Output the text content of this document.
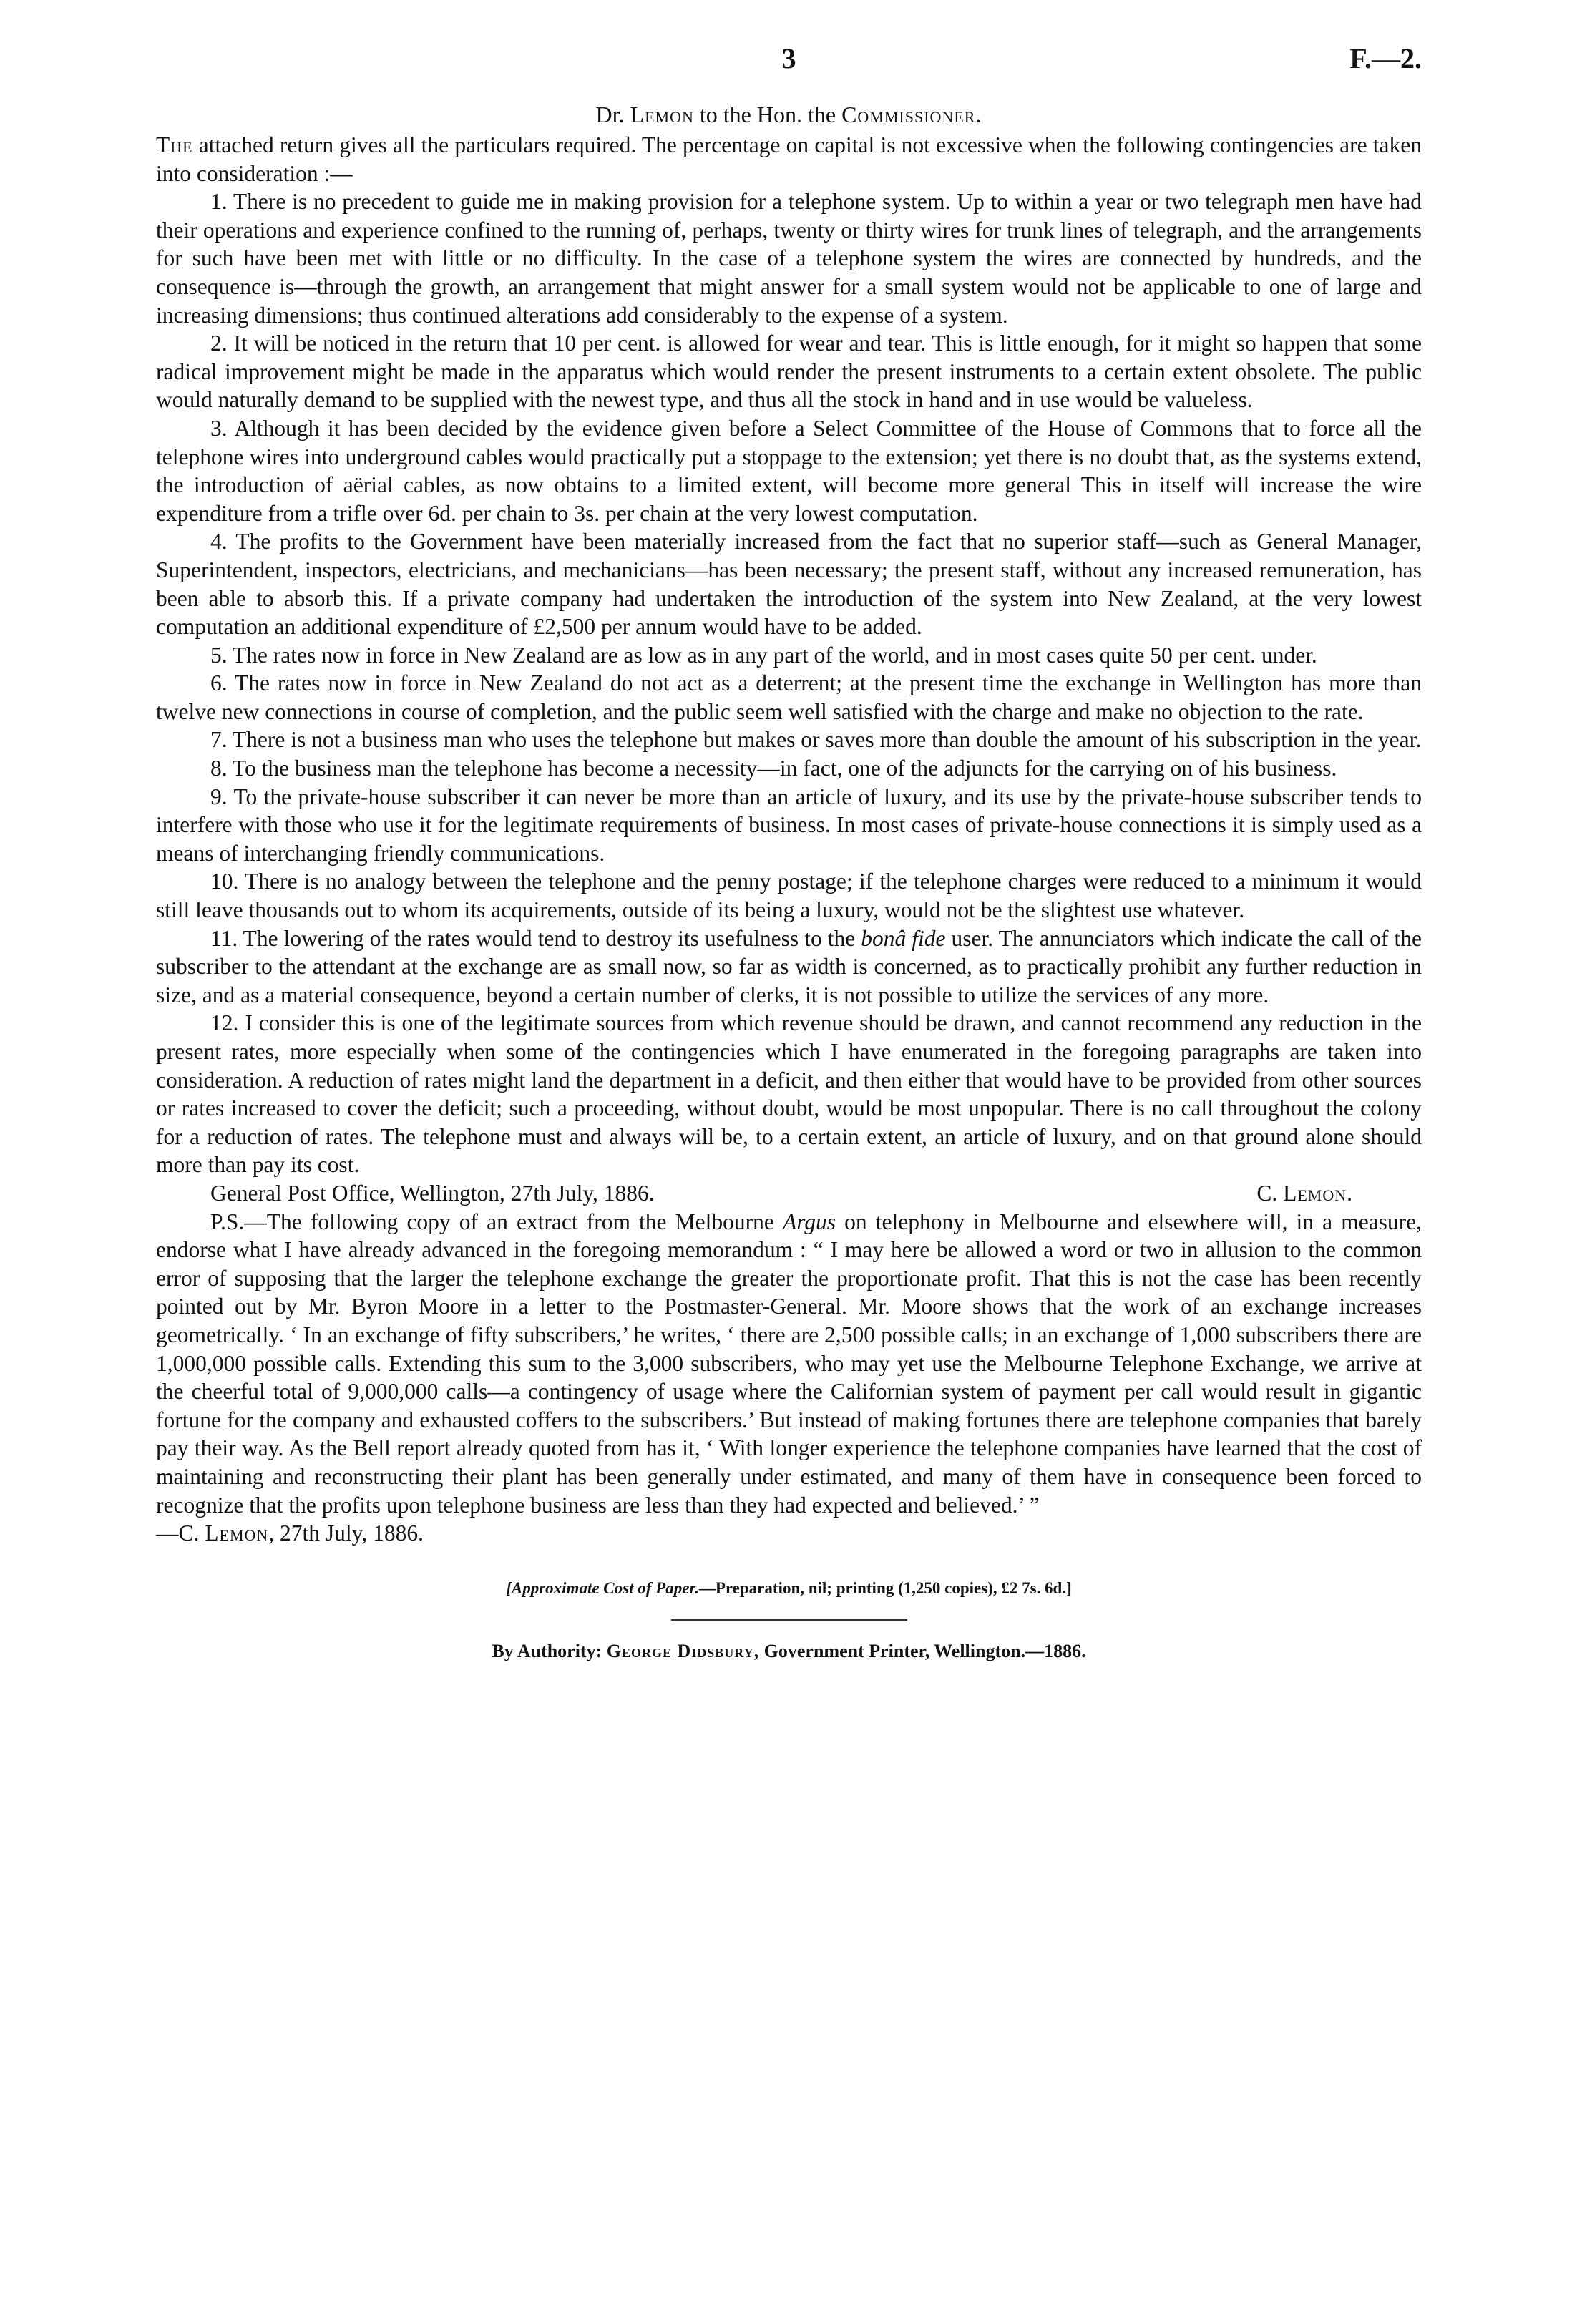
3	F.—2.
Dr. Lemon to the Hon. the Commissioner.

The attached return gives all the particulars required. The percentage on capital is not excessive when the following contingencies are taken into consideration :—

1. There is no precedent to guide me in making provision for a telephone system. Up to within a year or two telegraph men have had their operations and experience confined to the running of, perhaps, twenty or thirty wires for trunk lines of telegraph, and the arrangements for such have been met with little or no difficulty. In the case of a telephone system the wires are connected by hundreds, and the consequence is—through the growth, an arrangement that might answer for a small system would not be applicable to one of large and increasing dimensions; thus continued alterations add considerably to the expense of a system.

2. It will be noticed in the return that 10 per cent. is allowed for wear and tear. This is little enough, for it might so happen that some radical improvement might be made in the apparatus which would render the present instruments to a certain extent obsolete. The public would naturally demand to be supplied with the newest type, and thus all the stock in hand and in use would be valueless.

3. Although it has been decided by the evidence given before a Select Committee of the House of Commons that to force all the telephone wires into underground cables would practically put a stoppage to the extension; yet there is no doubt that, as the systems extend, the introduction of aërial cables, as now obtains to a limited extent, will become more general This in itself will increase the wire expenditure from a trifle over 6d. per chain to 3s. per chain at the very lowest computation.

4. The profits to the Government have been materially increased from the fact that no superior staff—such as General Manager, Superintendent, inspectors, electricians, and mechanicians—has been necessary; the present staff, without any increased remuneration, has been able to absorb this. If a private company had undertaken the introduction of the system into New Zealand, at the very lowest computation an additional expenditure of £2,500 per annum would have to be added.

5. The rates now in force in New Zealand are as low as in any part of the world, and in most cases quite 50 per cent. under.

6. The rates now in force in New Zealand do not act as a deterrent; at the present time the exchange in Wellington has more than twelve new connections in course of completion, and the public seem well satisfied with the charge and make no objection to the rate.

7. There is not a business man who uses the telephone but makes or saves more than double the amount of his subscription in the year.

8. To the business man the telephone has become a necessity—in fact, one of the adjuncts for the carrying on of his business.

9. To the private-house subscriber it can never be more than an article of luxury, and its use by the private-house subscriber tends to interfere with those who use it for the legitimate requirements of business. In most cases of private-house connections it is simply used as a means of interchanging friendly communications.

10. There is no analogy between the telephone and the penny postage; if the telephone charges were reduced to a minimum it would still leave thousands out to whom its acquirements, outside of its being a luxury, would not be the slightest use whatever.

11. The lowering of the rates would tend to destroy its usefulness to the bonâ fide user. The annunciators which indicate the call of the subscriber to the attendant at the exchange are as small now, so far as width is concerned, as to practically prohibit any further reduction in size, and as a material consequence, beyond a certain number of clerks, it is not possible to utilize the services of any more.

12. I consider this is one of the legitimate sources from which revenue should be drawn, and cannot recommend any reduction in the present rates, more especially when some of the contingencies which I have enumerated in the foregoing paragraphs are taken into consideration. A reduction of rates might land the department in a deficit, and then either that would have to be provided from other sources or rates increased to cover the deficit; such a proceeding, without doubt, would be most unpopular. There is no call throughout the colony for a reduction of rates. The telephone must and always will be, to a certain extent, an article of luxury, and on that ground alone should more than pay its cost.

General Post Office, Wellington, 27th July, 1886.	C. Lemon.

P.S.—The following copy of an extract from the Melbourne Argus on telephony in Melbourne and elsewhere will, in a measure, endorse what I have already advanced in the foregoing memorandum : “ I may here be allowed a word or two in allusion to the common error of supposing that the larger the telephone exchange the greater the proportionate profit. That this is not the case has been recently pointed out by Mr. Byron Moore in a letter to the Postmaster-General. Mr. Moore shows that the work of an exchange increases geometrically. ‘ In an exchange of fifty subscribers,’ he writes, ‘ there are 2,500 possible calls; in an exchange of 1,000 subscribers there are 1,000,000 possible calls. Extending this sum to the 3,000 subscribers, who may yet use the Melbourne Telephone Exchange, we arrive at the cheerful total of 9,000,000 calls—a contingency of usage where the Californian system of payment per call would result in gigantic fortune for the company and exhausted coffers to the subscribers.’ But instead of making fortunes there are telephone companies that barely pay their way. As the Bell report already quoted from has it, ‘ With longer experience the telephone companies have learned that the cost of maintaining and reconstructing their plant has been generally under estimated, and many of them have in consequence been forced to recognize that the profits upon telephone business are less than they had expected and believed.’ ”

—C. Lemon, 27th July, 1886.
[Approximate Cost of Paper.—Preparation, nil; printing (1,250 copies), £2 7s. 6d.]
By Authority: George Didsbury, Government Printer, Wellington.—1886.
